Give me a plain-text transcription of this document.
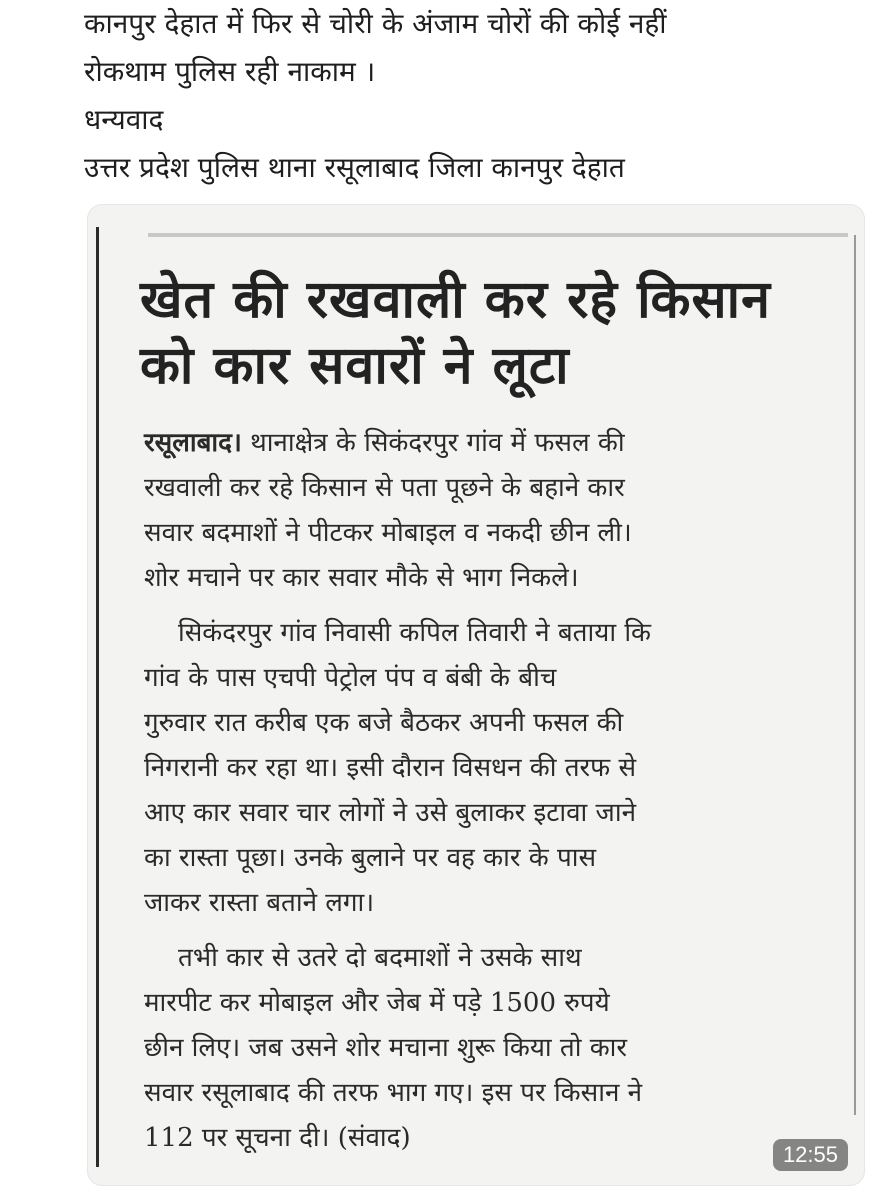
कानपुर देहात में फिर से चोरी के अंजाम चोरों की कोई नहीं
रोकथाम पुलिस रही नाकाम ।
धन्यवाद
उत्तर प्रदेश पुलिस थाना रसूलाबाद जिला कानपुर देहात
खेत की रखवाली कर रहे किसान
को कार सवारों ने लूटा
रसूलाबाद। थानाक्षेत्र के सिकंदरपुर गांव में फसल की
रखवाली कर रहे किसान से पता पूछने के बहाने कार
सवार बदमाशों ने पीटकर मोबाइल व नकदी छीन ली।
शोर मचाने पर कार सवार मौके से भाग निकले।
सिकंदरपुर गांव निवासी कपिल तिवारी ने बताया कि
गांव के पास एचपी पेट्रोल पंप व बंबी के बीच
गुरुवार रात करीब एक बजे बैठकर अपनी फसल की
निगरानी कर रहा था। इसी दौरान विसधन की तरफ से
आए कार सवार चार लोगों ने उसे बुलाकर इटावा जाने
का रास्ता पूछा। उनके बुलाने पर वह कार के पास
जाकर रास्ता बताने लगा।
तभी कार से उतरे दो बदमाशों ने उसके साथ
मारपीट कर मोबाइल और जेब में पड़े 1500 रुपये
छीन लिए। जब उसने शोर मचाना शुरू किया तो कार
सवार रसूलाबाद की तरफ भाग गए। इस पर किसान ने
112 पर सूचना दी। (संवाद)
12:55
